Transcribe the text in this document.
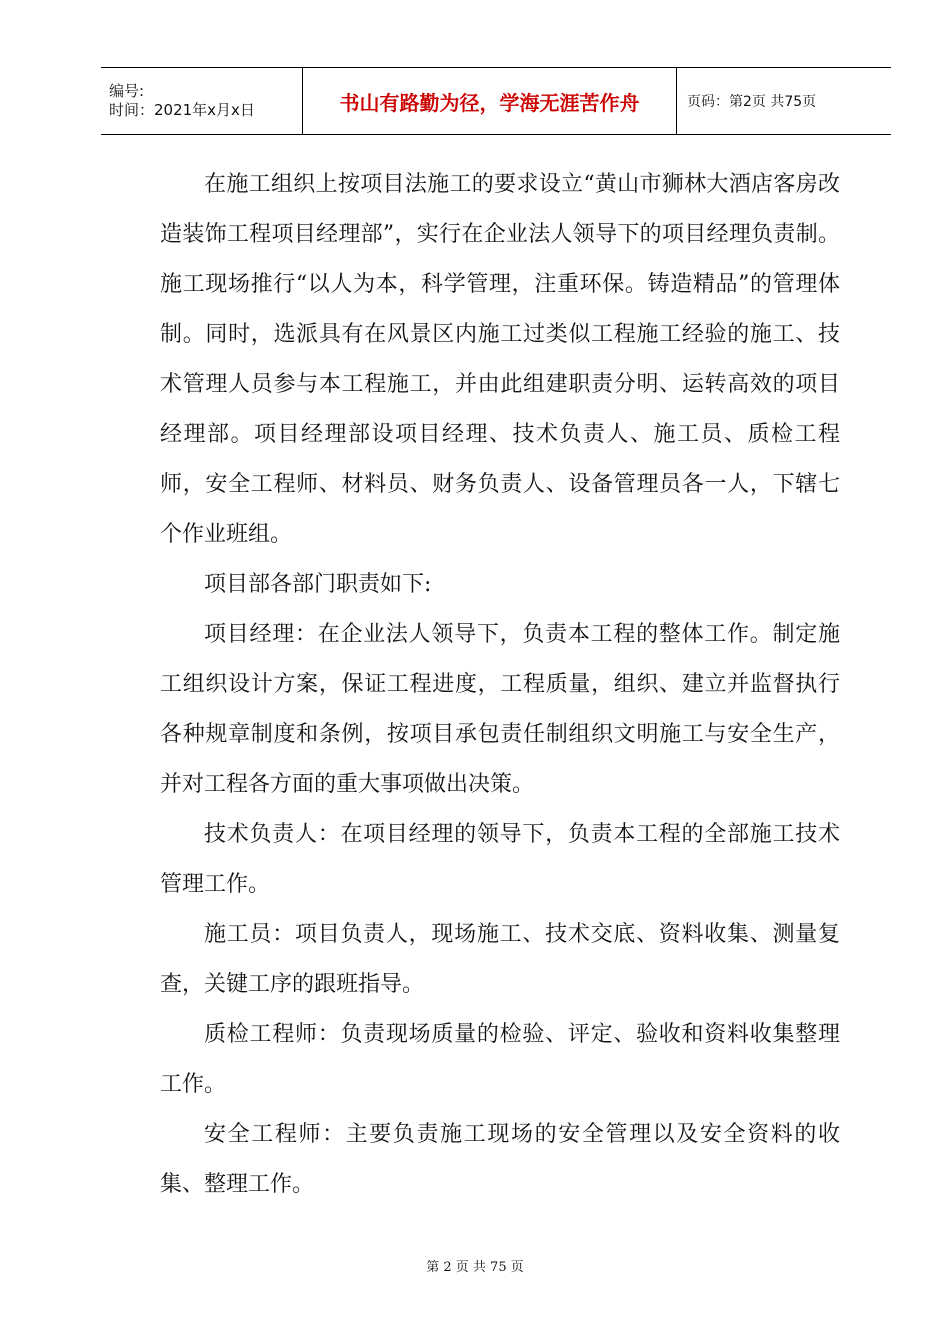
编号:
时间：2021年x月x日	书山有路勤为径，学海无涯苦作舟	页码：第2页 共75页

在施工组织上按项目法施工的要求设立“黄山市狮林大酒店客房改造装饰工程项目经理部”，实行在企业法人领导下的项目经理负责制。施工现场推行“以人为本，科学管理，注重环保。铸造精品”的管理体制。同时，选派具有在风景区内施工过类似工程施工经验的施工、技术管理人员参与本工程施工，并由此组建职责分明、运转高效的项目经理部。项目经理部设项目经理、技术负责人、施工员、质检工程师，安全工程师、材料员、财务负责人、设备管理员各一人，下辖七个作业班组。

项目部各部门职责如下:

项目经理：在企业法人领导下，负责本工程的整体工作。制定施工组织设计方案，保证工程进度，工程质量，组织、建立并监督执行各种规章制度和条例，按项目承包责任制组织文明施工与安全生产，并对工程各方面的重大事项做出决策。

技术负责人：在项目经理的领导下，负责本工程的全部施工技术管理工作。

施工员：项目负责人，现场施工、技术交底、资料收集、测量复查，关键工序的跟班指导。

质检工程师：负责现场质量的检验、评定、验收和资料收集整理工作。

安全工程师：主要负责施工现场的安全管理以及安全资料的收集、整理工作。

第 2 页 共 75 页
